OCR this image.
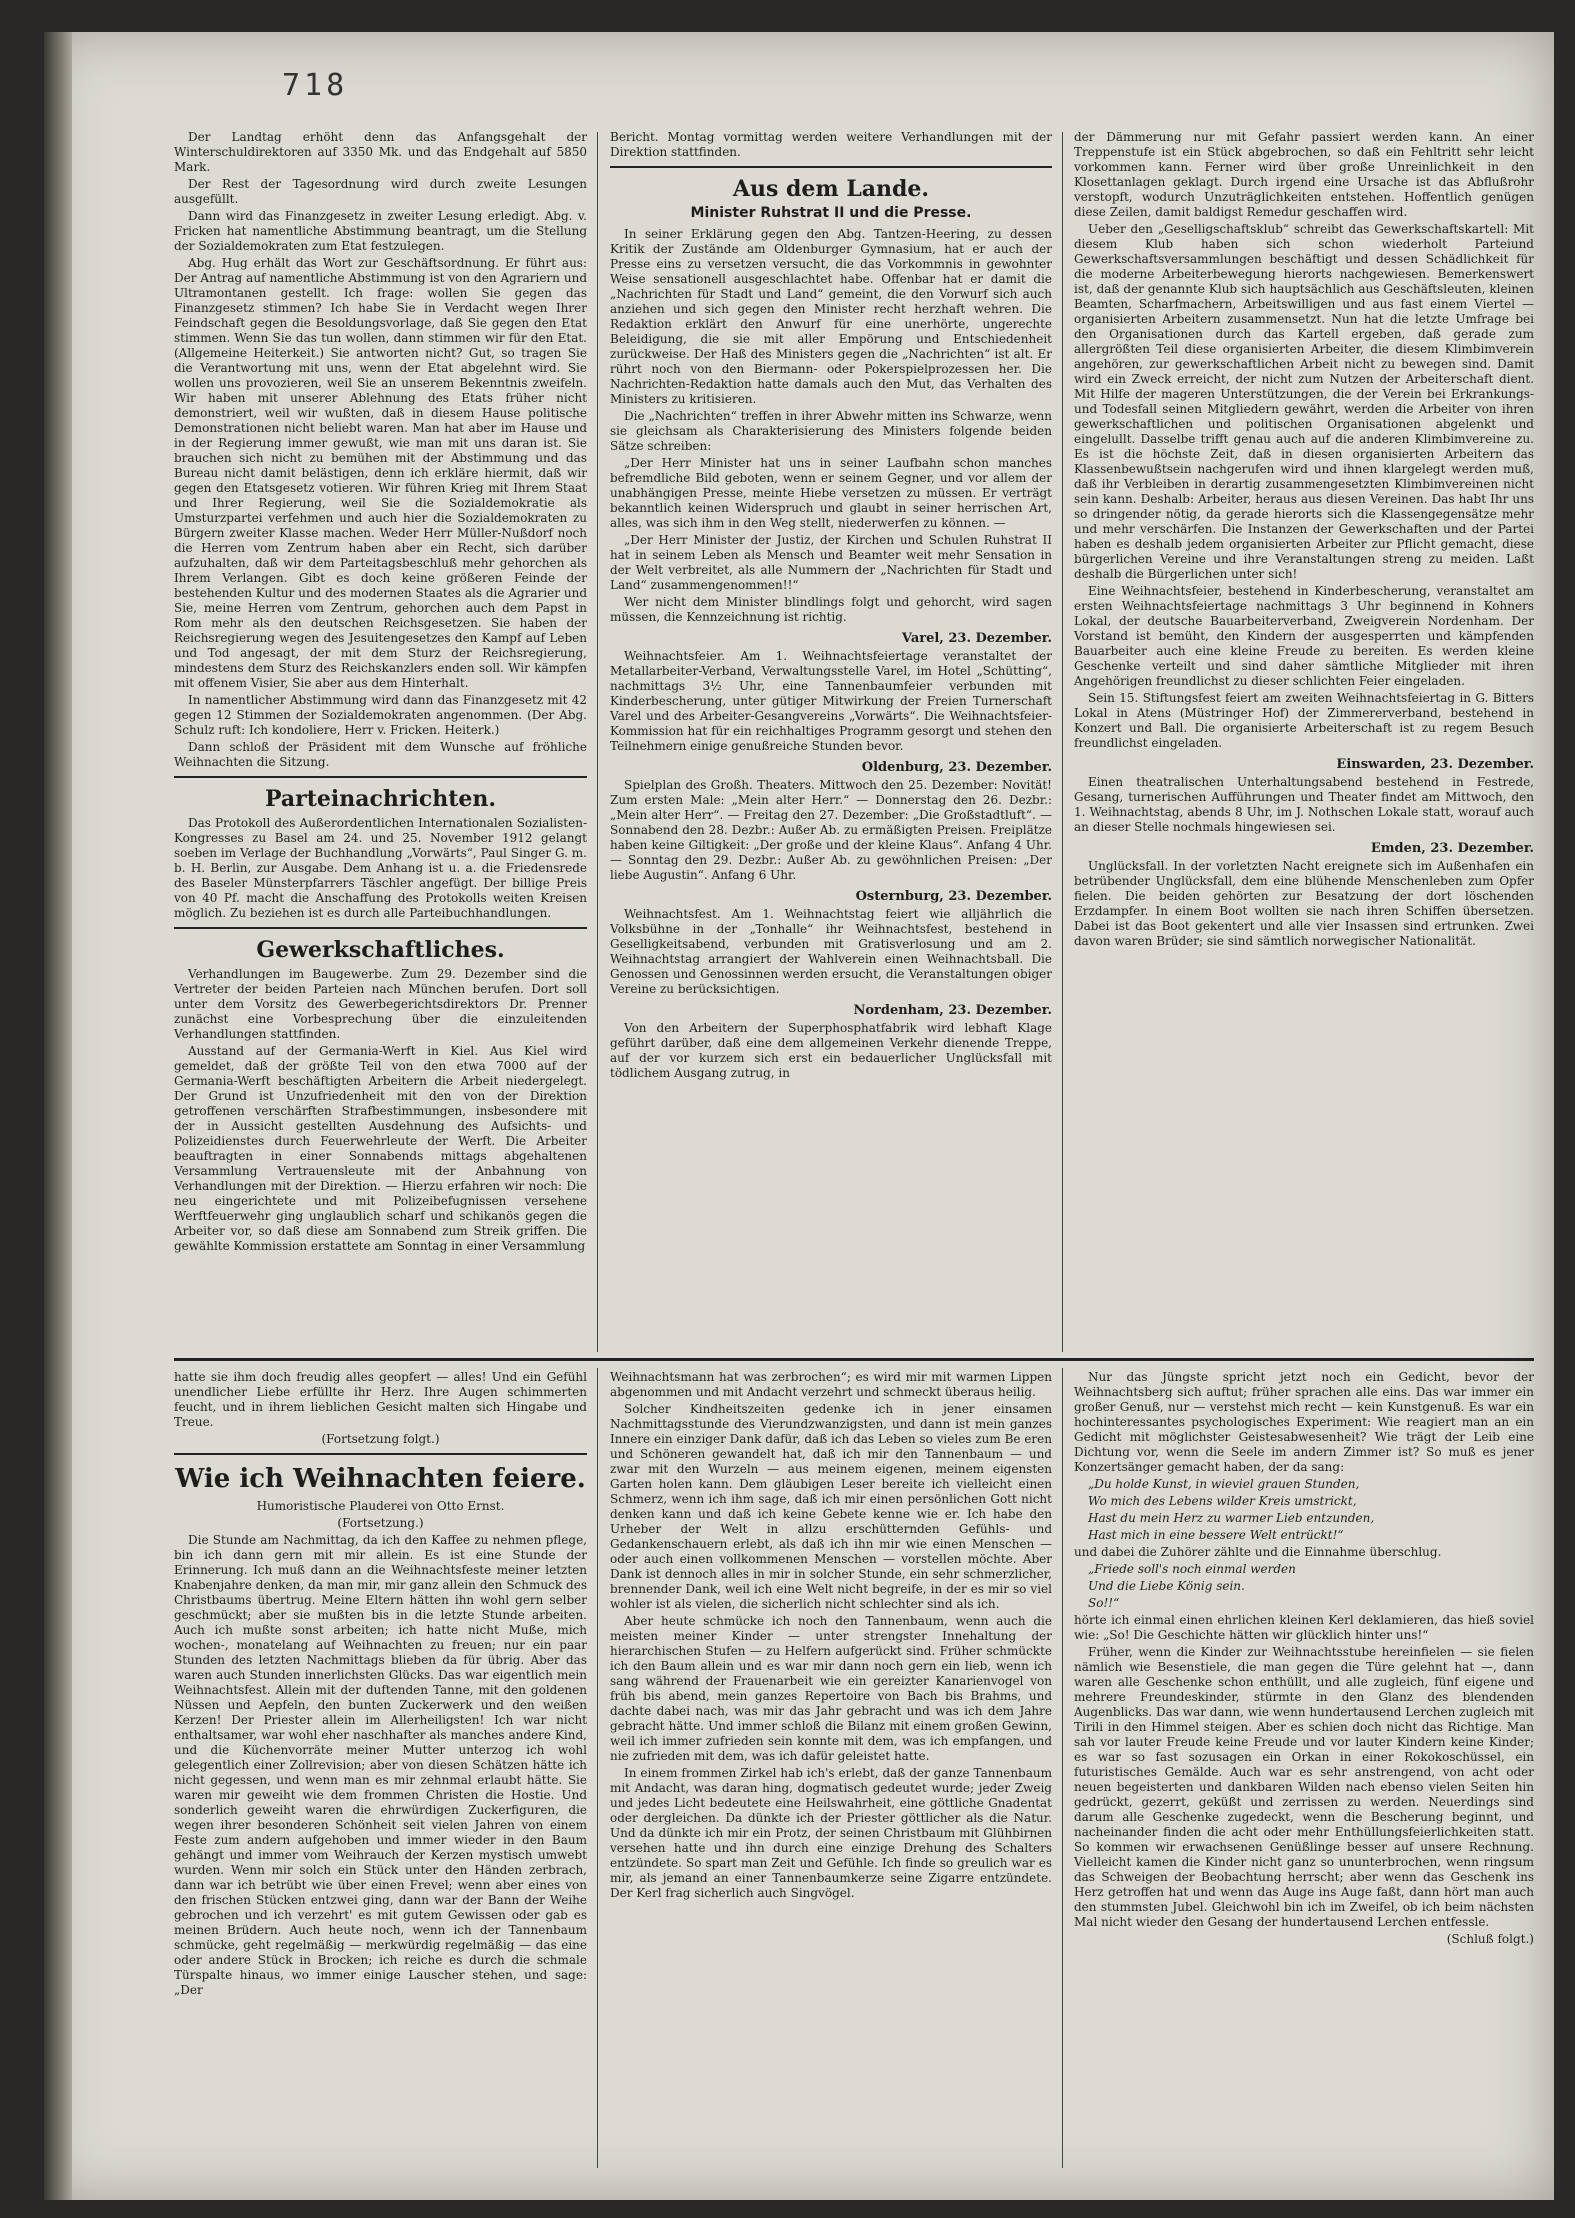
718

Der Landtag erhöht denn das Anfangsgehalt der Winterschuldirektoren auf 3350 Mk. und das Endgehalt auf 5850 Mark.

Der Rest der Tagesordnung wird durch zweite Lesungen ausgefüllt.

Dann wird das Finanzgesetz in zweiter Lesung erledigt. Abg. v. Fricken hat namentliche Abstimmung beantragt, um die Stellung der Sozialdemokraten zum Etat festzulegen.

Abg. Hug erhält das Wort zur Geschäftsordnung. Er führt aus: Der Antrag auf namentliche Abstimmung ist von den Agrariern und Ultramontanen gestellt. Ich frage: wollen Sie gegen das Finanzgesetz stimmen? Ich habe Sie in Verdacht wegen Ihrer Feindschaft gegen die Besoldungsvorlage, daß Sie gegen den Etat stimmen. Wenn Sie das tun wollen, dann stimmen wir für den Etat. (Allgemeine Heiterkeit.) Sie antworten nicht? Gut, so tragen Sie die Verantwortung mit uns, wenn der Etat abgelehnt wird. Sie wollen uns provozieren, weil Sie an unserem Bekenntnis zweifeln. Wir haben mit unserer Ablehnung des Etats früher nicht demonstriert, weil wir wußten, daß in diesem Hause politische Demonstrationen nicht beliebt waren. Man hat aber im Hause und in der Regierung immer gewußt, wie man mit uns daran ist. Sie brauchen sich nicht zu bemühen mit der Abstimmung und das Bureau nicht damit belästigen, denn ich erkläre hiermit, daß wir gegen den Etatsgesetz votieren. Wir führen Krieg mit Ihrem Staat und Ihrer Regierung, weil Sie die Sozialdemokratie als Umsturzpartei verfehmen und auch hier die Sozialdemokraten zu Bürgern zweiter Klasse machen. Weder Herr Müller-Nußdorf noch die Herren vom Zentrum haben aber ein Recht, sich darüber aufzuhalten, daß wir dem Parteitagsbeschluß mehr gehorchen als Ihrem Verlangen. Gibt es doch keine größeren Feinde der bestehenden Kultur und des modernen Staates als die Agrarier und Sie, meine Herren vom Zentrum, gehorchen auch dem Papst in Rom mehr als den deutschen Reichsgesetzen. Sie haben der Reichsregierung wegen des Jesuitengesetzes den Kampf auf Leben und Tod angesagt, der mit dem Sturz der Reichsregierung, mindestens dem Sturz des Reichskanzlers enden soll. Wir kämpfen mit offenem Visier, Sie aber aus dem Hinterhalt.

In namentlicher Abstimmung wird dann das Finanzgesetz mit 42 gegen 12 Stimmen der Sozialdemokraten angenommen. (Der Abg. Schulz ruft: Ich kondoliere, Herr v. Fricken. Heiterk.)

Dann schloß der Präsident mit dem Wunsche auf fröhliche Weihnachten die Sitzung.

Parteinachrichten.

Das Protokoll des Außerordentlichen Internationalen Sozialisten-Kongresses zu Basel am 24. und 25. November 1912 gelangt soeben im Verlage der Buchhandlung „Vorwärts“, Paul Singer G. m. b. H. Berlin, zur Ausgabe. Dem Anhang ist u. a. die Friedensrede des Baseler Münsterpfarrers Täschler angefügt. Der billige Preis von 40 Pf. macht die Anschaffung des Protokolls weiten Kreisen möglich. Zu beziehen ist es durch alle Parteibuchhandlungen.

Gewerkschaftliches.

Verhandlungen im Baugewerbe. Zum 29. Dezember sind die Vertreter der beiden Parteien nach München berufen. Dort soll unter dem Vorsitz des Gewerbegerichtsdirektors Dr. Prenner zunächst eine Vorbesprechung über die einzuleitenden Verhandlungen stattfinden.

Ausstand auf der Germania-Werft in Kiel. Aus Kiel wird gemeldet, daß der größte Teil von den etwa 7000 auf der Germania-Werft beschäftigten Arbeitern die Arbeit niedergelegt. Der Grund ist Unzufriedenheit mit den von der Direktion getroffenen verschärften Strafbestimmungen, insbesondere mit der in Aussicht gestellten Ausdehnung des Aufsichts- und Polizeidienstes durch Feuerwehrleute der Werft. Die Arbeiter beauftragten in einer Sonnabends mittags abgehaltenen Versammlung Vertrauensleute mit der Anbahnung von Verhandlungen mit der Direktion. — Hierzu erfahren wir noch: Die neu eingerichtete und mit Polizeibefugnissen versehene Werftfeuerwehr ging unglaublich scharf und schikanös gegen die Arbeiter vor, so daß diese am Sonnabend zum Streik griffen. Die gewählte Kommission erstattete am Sonntag in einer Versammlung

Bericht. Montag vormittag werden weitere Verhandlungen mit der Direktion stattfinden.

Aus dem Lande.
Minister Ruhstrat II und die Presse.

In seiner Erklärung gegen den Abg. Tantzen-Heering, zu dessen Kritik der Zustände am Oldenburger Gymnasium, hat er auch der Presse eins zu versetzen versucht, die das Vorkommnis in gewohnter Weise sensationell ausgeschlachtet habe. Offenbar hat er damit die „Nachrichten für Stadt und Land“ gemeint, die den Vorwurf sich auch anziehen und sich gegen den Minister recht herzhaft wehren. Die Redaktion erklärt den Anwurf für eine unerhörte, ungerechte Beleidigung, die sie mit aller Empörung und Entschiedenheit zurückweise. Der Haß des Ministers gegen die „Nachrichten“ ist alt. Er rührt noch von den Biermann- oder Pokerspielprozessen her. Die Nachrichten-Redaktion hatte damals auch den Mut, das Verhalten des Ministers zu kritisieren.

Die „Nachrichten“ treffen in ihrer Abwehr mitten ins Schwarze, wenn sie gleichsam als Charakterisierung des Ministers folgende beiden Sätze schreiben:

„Der Herr Minister hat uns in seiner Laufbahn schon manches befremdliche Bild geboten, wenn er seinem Gegner, und vor allem der unabhängigen Presse, meinte Hiebe versetzen zu müssen. Er verträgt bekanntlich keinen Widerspruch und glaubt in seiner herrischen Art, alles, was sich ihm in den Weg stellt, niederwerfen zu können. —

„Der Herr Minister der Justiz, der Kirchen und Schulen Ruhstrat II hat in seinem Leben als Mensch und Beamter weit mehr Sensation in der Welt verbreitet, als alle Nummern der „Nachrichten für Stadt und Land“ zusammengenommen!!“

Wer nicht dem Minister blindlings folgt und gehorcht, wird sagen müssen, die Kennzeichnung ist richtig.

Varel, 23. Dezember.

Weihnachtsfeier. Am 1. Weihnachtsfeiertage veranstaltet der Metallarbeiter-Verband, Verwaltungsstelle Varel, im Hotel „Schütting“, nachmittags 3½ Uhr, eine Tannenbaumfeier verbunden mit Kinderbescherung, unter gütiger Mitwirkung der Freien Turnerschaft Varel und des Arbeiter-Gesangvereins „Vorwärts“. Die Weihnachtsfeier-Kommission hat für ein reichhaltiges Programm gesorgt und stehen den Teilnehmern einige genußreiche Stunden bevor.

Oldenburg, 23. Dezember.

Spielplan des Großh. Theaters. Mittwoch den 25. Dezember: Novität! Zum ersten Male: „Mein alter Herr.“ — Donnerstag den 26. Dezbr.: „Mein alter Herr“. — Freitag den 27. Dezember: „Die Großstadtluft“. — Sonnabend den 28. Dezbr.: Außer Ab. zu ermäßigten Preisen. Freiplätze haben keine Giltigkeit: „Der große und der kleine Klaus“. Anfang 4 Uhr. — Sonntag den 29. Dezbr.: Außer Ab. zu gewöhnlichen Preisen: „Der liebe Augustin“. Anfang 6 Uhr.

Osternburg, 23. Dezember.

Weihnachtsfest. Am 1. Weihnachtstag feiert wie alljährlich die Volksbühne in der „Tonhalle“ ihr Weihnachtsfest, bestehend in Geselligkeitsabend, verbunden mit Gratisverlosung und am 2. Weihnachtstag arrangiert der Wahlverein einen Weihnachtsball. Die Genossen und Genossinnen werden ersucht, die Veranstaltungen obiger Vereine zu berücksichtigen.

Nordenham, 23. Dezember.

Von den Arbeitern der Superphosphatfabrik wird lebhaft Klage geführt darüber, daß eine dem allgemeinen Verkehr dienende Treppe, auf der vor kurzem sich erst ein bedauerlicher Unglücksfall mit tödlichem Ausgang zutrug, in

der Dämmerung nur mit Gefahr passiert werden kann. An einer Treppenstufe ist ein Stück abgebrochen, so daß ein Fehltritt sehr leicht vorkommen kann. Ferner wird über große Unreinlichkeit in den Klosettanlagen geklagt. Durch irgend eine Ursache ist das Abflußrohr verstopft, wodurch Unzuträglichkeiten entstehen. Hoffentlich genügen diese Zeilen, damit baldigst Remedur geschaffen wird.

Ueber den „Geselligschaftsklub“ schreibt das Gewerkschaftskartell: Mit diesem Klub haben sich schon wiederholt Parteiund Gewerkschaftsversammlungen beschäftigt und dessen Schädlichkeit für die moderne Arbeiterbewegung hierorts nachgewiesen. Bemerkenswert ist, daß der genannte Klub sich hauptsächlich aus Geschäftsleuten, kleinen Beamten, Scharfmachern, Arbeitswilligen und aus fast einem Viertel — organisierten Arbeitern zusammensetzt. Nun hat die letzte Umfrage bei den Organisationen durch das Kartell ergeben, daß gerade zum allergrößten Teil diese organisierten Arbeiter, die diesem Klimbimverein angehören, zur gewerkschaftlichen Arbeit nicht zu bewegen sind. Damit wird ein Zweck erreicht, der nicht zum Nutzen der Arbeiterschaft dient. Mit Hilfe der mageren Unterstützungen, die der Verein bei Erkrankungs- und Todesfall seinen Mitgliedern gewährt, werden die Arbeiter von ihren gewerkschaftlichen und politischen Organisationen abgelenkt und eingelullt. Dasselbe trifft genau auch auf die anderen Klimbimvereine zu. Es ist die höchste Zeit, daß in diesen organisierten Arbeitern das Klassenbewußtsein nachgerufen wird und ihnen klargelegt werden muß, daß ihr Verbleiben in derartig zusammengesetzten Klimbimvereinen nicht sein kann. Deshalb: Arbeiter, heraus aus diesen Vereinen. Das habt Ihr uns so dringender nötig, da gerade hierorts sich die Klassengegensätze mehr und mehr verschärfen. Die Instanzen der Gewerkschaften und der Partei haben es deshalb jedem organisierten Arbeiter zur Pflicht gemacht, diese bürgerlichen Vereine und ihre Veranstaltungen streng zu meiden. Laßt deshalb die Bürgerlichen unter sich!

Eine Weihnachtsfeier, bestehend in Kinderbescherung, veranstaltet am ersten Weihnachtsfeiertage nachmittags 3 Uhr beginnend in Kohners Lokal, der deutsche Bauarbeiterverband, Zweigverein Nordenham. Der Vorstand ist bemüht, den Kindern der ausgesperrten und kämpfenden Bauarbeiter auch eine kleine Freude zu bereiten. Es werden kleine Geschenke verteilt und sind daher sämtliche Mitglieder mit ihren Angehörigen freundlichst zu dieser schlichten Feier eingeladen.

Sein 15. Stiftungsfest feiert am zweiten Weihnachtsfeiertag in G. Bitters Lokal in Atens (Müstringer Hof) der Zimmererverband, bestehend in Konzert und Ball. Die organisierte Arbeiterschaft ist zu regem Besuch freundlichst eingeladen.

Einswarden, 23. Dezember.

Einen theatralischen Unterhaltungsabend bestehend in Festrede, Gesang, turnerischen Aufführungen und Theater findet am Mittwoch, den 1. Weihnachtstag, abends 8 Uhr, im J. Nothschen Lokale statt, worauf auch an dieser Stelle nochmals hingewiesen sei.

Emden, 23. Dezember.

Unglücksfall. In der vorletzten Nacht ereignete sich im Außenhafen ein betrübender Unglücksfall, dem eine blühende Menschenleben zum Opfer fielen. Die beiden gehörten zur Besatzung der dort löschenden Erzdampfer. In einem Boot wollten sie nach ihren Schiffen übersetzen. Dabei ist das Boot gekentert und alle vier Insassen sind ertrunken. Zwei davon waren Brüder; sie sind sämtlich norwegischer Nationalität.

hatte sie ihm doch freudig alles geopfert — alles! Und ein Gefühl unendlicher Liebe erfüllte ihr Herz. Ihre Augen schimmerten feucht, und in ihrem lieblichen Gesicht malten sich Hingabe und Treue.

(Fortsetzung folgt.)

Wie ich Weihnachten feiere.

Humoristische Plauderei von Otto Ernst.

(Fortsetzung.)

Die Stunde am Nachmittag, da ich den Kaffee zu nehmen pflege, bin ich dann gern mit mir allein. Es ist eine Stunde der Erinnerung. Ich muß dann an die Weihnachtsfeste meiner letzten Knabenjahre denken, da man mir, mir ganz allein den Schmuck des Christbaums übertrug. Meine Eltern hätten ihn wohl gern selber geschmückt; aber sie mußten bis in die letzte Stunde arbeiten. Auch ich mußte sonst arbeiten; ich hatte nicht Muße, mich wochen-, monatelang auf Weihnachten zu freuen; nur ein paar Stunden des letzten Nachmittags blieben da für übrig. Aber das waren auch Stunden innerlichsten Glücks. Das war eigentlich mein Weihnachtsfest. Allein mit der duftenden Tanne, mit den goldenen Nüssen und Aepfeln, den bunten Zuckerwerk und den weißen Kerzen! Der Priester allein im Allerheiligsten! Ich war nicht enthaltsamer, war wohl eher naschhafter als manches andere Kind, und die Küchenvorräte meiner Mutter unterzog ich wohl gelegentlich einer Zollrevision; aber von diesen Schätzen hätte ich nicht gegessen, und wenn man es mir zehnmal erlaubt hätte. Sie waren mir geweiht wie dem frommen Christen die Hostie. Und sonderlich geweiht waren die ehrwürdigen Zuckerfiguren, die wegen ihrer besonderen Schönheit seit vielen Jahren von einem Feste zum andern aufgehoben und immer wieder in den Baum gehängt und immer vom Weihrauch der Kerzen mystisch umwebt wurden. Wenn mir solch ein Stück unter den Händen zerbrach, dann war ich betrübt wie über einen Frevel; wenn aber eines von den frischen Stücken entzwei ging, dann war der Bann der Weihe gebrochen und ich verzehrt' es mit gutem Gewissen oder gab es meinen Brüdern. Auch heute noch, wenn ich der Tannenbaum schmücke, geht regelmäßig — merkwürdig regelmäßig — das eine oder andere Stück in Brocken; ich reiche es durch die schmale Türspalte hinaus, wo immer einige Lauscher stehen, und sage: „Der

Weihnachtsmann hat was zerbrochen“; es wird mir mit warmen Lippen abgenommen und mit Andacht verzehrt und schmeckt überaus heilig.

Solcher Kindheitszeiten gedenke ich in jener einsamen Nachmittagsstunde des Vierundzwanzigsten, und dann ist mein ganzes Innere ein einziger Dank dafür, daß ich das Leben so vieles zum Be eren und Schöneren gewandelt hat, daß ich mir den Tannenbaum — und zwar mit den Wurzeln — aus meinem eigenen, meinem eigensten Garten holen kann. Dem gläubigen Leser bereite ich vielleicht einen Schmerz, wenn ich ihm sage, daß ich mir einen persönlichen Gott nicht denken kann und daß ich keine Gebete kenne wie er. Ich habe den Urheber der Welt in allzu erschütternden Gefühls- und Gedankenschauern erlebt, als daß ich ihn mir wie einen Menschen — oder auch einen vollkommenen Menschen — vorstellen möchte. Aber Dank ist dennoch alles in mir in solcher Stunde, ein sehr schmerzlicher, brennender Dank, weil ich eine Welt nicht begreife, in der es mir so viel wohler ist als vielen, die sicherlich nicht schlechter sind als ich.

Aber heute schmücke ich noch den Tannenbaum, wenn auch die meisten meiner Kinder — unter strengster Innehaltung der hierarchischen Stufen — zu Helfern aufgerückt sind. Früher schmückte ich den Baum allein und es war mir dann noch gern ein lieb, wenn ich sang während der Frauenarbeit wie ein gereizter Kanarienvogel von früh bis abend, mein ganzes Repertoire von Bach bis Brahms, und dachte dabei nach, was mir das Jahr gebracht und was ich dem Jahre gebracht hätte. Und immer schloß die Bilanz mit einem großen Gewinn, weil ich immer zufrieden sein konnte mit dem, was ich empfangen, und nie zufrieden mit dem, was ich dafür geleistet hatte.

In einem frommen Zirkel hab ich's erlebt, daß der ganze Tannenbaum mit Andacht, was daran hing, dogmatisch gedeutet wurde; jeder Zweig und jedes Licht bedeutete eine Heilswahrheit, eine göttliche Gnadentat oder dergleichen. Da dünkte ich der Priester göttlicher als die Natur. Und da dünkte ich mir ein Protz, der seinen Christbaum mit Glühbirnen versehen hatte und ihn durch eine einzige Drehung des Schalters entzündete. So spart man Zeit und Gefühle. Ich finde so greulich war es mir, als jemand an einer Tannenbaumkerze seine Zigarre entzündete. Der Kerl frag sicherlich auch Singvögel.

Nur das Jüngste spricht jetzt noch ein Gedicht, bevor der Weihnachtsberg sich auftut; früher sprachen alle eins. Das war immer ein großer Genuß, nur — verstehst mich recht — kein Kunstgenuß. Es war ein hochinteressantes psychologisches Experiment: Wie reagiert man an ein Gedicht mit möglichster Geistesabwesenheit? Wie trägt der Leib eine Dichtung vor, wenn die Seele im andern Zimmer ist? So muß es jener Konzertsänger gemacht haben, der da sang:

„Du holde Kunst, in wieviel grauen Stunden,

Wo mich des Lebens wilder Kreis umstrickt,

Hast du mein Herz zu warmer Lieb entzunden,

Hast mich in eine bessere Welt entrückt!“

und dabei die Zuhörer zählte und die Einnahme überschlug.

„Friede soll's noch einmal werden

Und die Liebe König sein.

So!!“

hörte ich einmal einen ehrlichen kleinen Kerl deklamieren, das hieß soviel wie: „So! Die Geschichte hätten wir glücklich hinter uns!“

Früher, wenn die Kinder zur Weihnachtsstube hereinfielen — sie fielen nämlich wie Besenstiele, die man gegen die Türe gelehnt hat —, dann waren alle Geschenke schon enthüllt, und alle zugleich, fünf eigene und mehrere Freundeskinder, stürmte in den Glanz des blendenden Augenblicks. Das war dann, wie wenn hundertausend Lerchen zugleich mit Tirili in den Himmel steigen. Aber es schien doch nicht das Richtige. Man sah vor lauter Freude keine Freude und vor lauter Kindern keine Kinder; es war so fast sozusagen ein Orkan in einer Rokokoschüssel, ein futuristisches Gemälde. Auch war es sehr anstrengend, von acht oder neuen begeisterten und dankbaren Wilden nach ebenso vielen Seiten hin gedrückt, gezerrt, geküßt und zerrissen zu werden. Neuerdings sind darum alle Geschenke zugedeckt, wenn die Bescherung beginnt, und nacheinander finden die acht oder mehr Enthüllungsfeierlichkeiten statt. So kommen wir erwachsenen Genüßlinge besser auf unsere Rechnung. Vielleicht kamen die Kinder nicht ganz so ununterbrochen, wenn ringsum das Schweigen der Beobachtung herrscht; aber wenn das Geschenk ins Herz getroffen hat und wenn das Auge ins Auge faßt, dann hört man auch den stummsten Jubel. Gleichwohl bin ich im Zweifel, ob ich beim nächsten Mal nicht wieder den Gesang der hundertausend Lerchen entfessle.

(Schluß folgt.)
